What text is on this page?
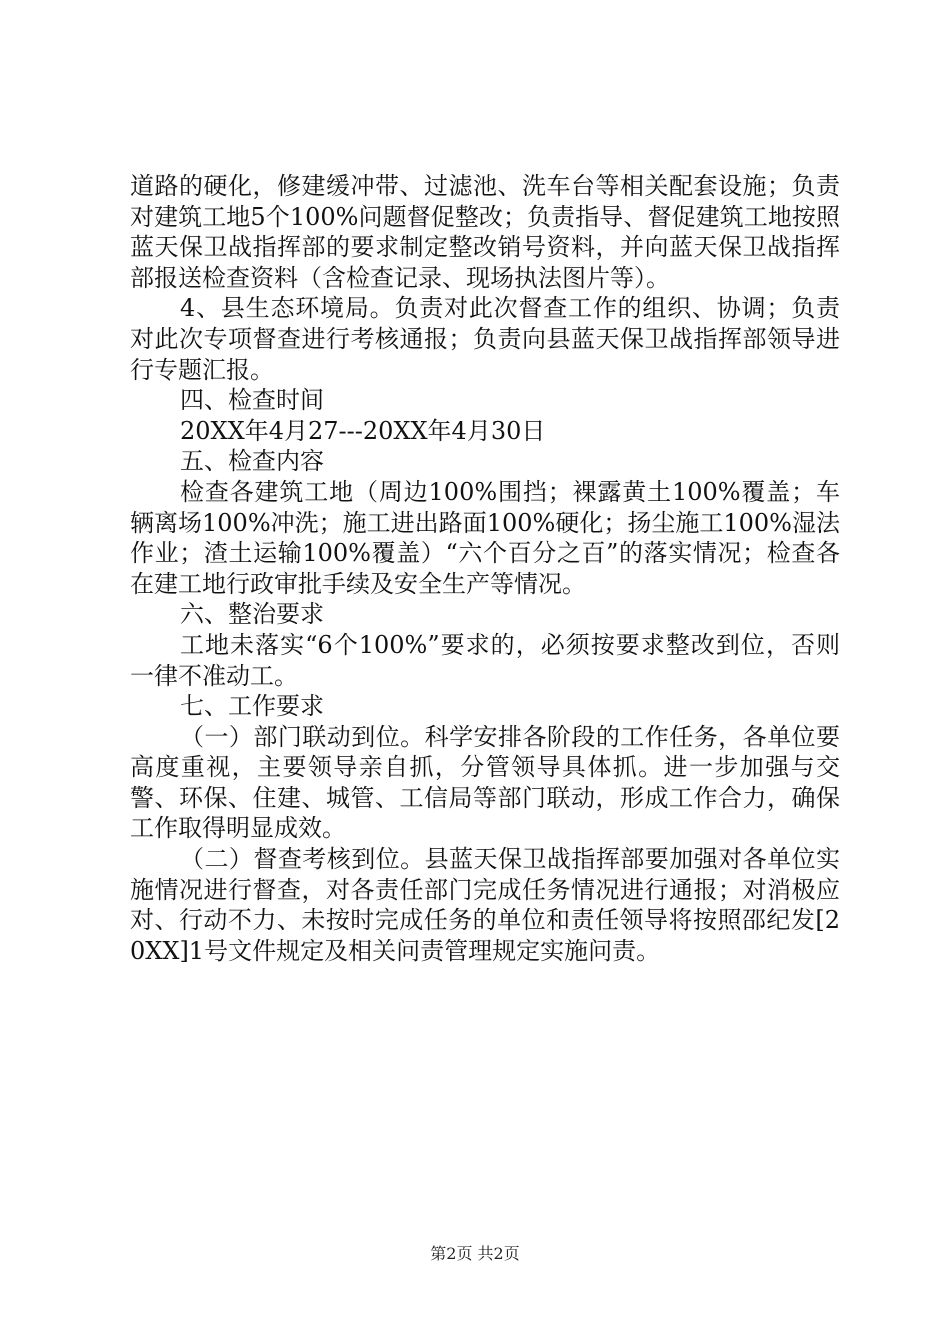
道路的硬化，修建缓冲带、过滤池、洗车台等相关配套设施；负责对建筑工地5个100%问题督促整改；负责指导、督促建筑工地按照蓝天保卫战指挥部的要求制定整改销号资料，并向蓝天保卫战指挥部报送检查资料（含检查记录、现场执法图片等）。

4、县生态环境局。负责对此次督查工作的组织、协调；负责对此次专项督查进行考核通报；负责向县蓝天保卫战指挥部领导进行专题汇报。

四、检查时间

20XX年4月27---20XX年4月30日

五、检查内容

检查各建筑工地（周边100%围挡；裸露黄土100%覆盖；车辆离场100%冲洗；施工进出路面100%硬化；扬尘施工100%湿法作业；渣土运输100%覆盖）“六个百分之百”的落实情况；检查各在建工地行政审批手续及安全生产等情况。

六、整治要求

工地未落实“6个100%”要求的，必须按要求整改到位，否则一律不准动工。

七、工作要求

（一）部门联动到位。科学安排各阶段的工作任务，各单位要高度重视，主要领导亲自抓，分管领导具体抓。进一步加强与交警、环保、住建、城管、工信局等部门联动，形成工作合力，确保工作取得明显成效。

（二）督查考核到位。县蓝天保卫战指挥部要加强对各单位实施情况进行督查，对各责任部门完成任务情况进行通报；对消极应对、行动不力、未按时完成任务的单位和责任领导将按照邵纪发[20XX]1号文件规定及相关问责管理规定实施问责。

第2页 共2页
